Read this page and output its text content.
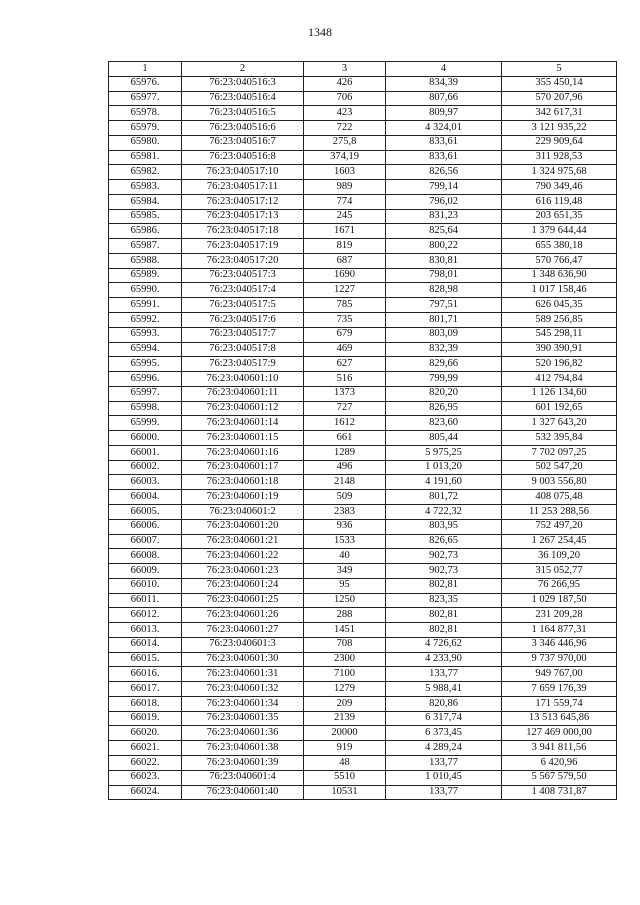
1348
1	2	3	4	5
65976.	76:23:040516:3	426	834,39	355 450,14
65977.	76:23:040516:4	706	807,66	570 207,96
65978.	76:23:040516:5	423	809,97	342 617,31
65979.	76:23:040516:6	722	4 324,01	3 121 935,22
65980.	76:23:040516:7	275,8	833,61	229 909,64
65981.	76:23:040516:8	374,19	833,61	311 928,53
65982.	76:23:040517:10	1603	826,56	1 324 975,68
65983.	76:23:040517:11	989	799,14	790 349,46
65984.	76:23:040517:12	774	796,02	616 119,48
65985.	76:23:040517:13	245	831,23	203 651,35
65986.	76:23:040517:18	1671	825,64	1 379 644,44
65987.	76:23:040517:19	819	800,22	655 380,18
65988.	76:23:040517:20	687	830,81	570 766,47
65989.	76:23:040517:3	1690	798,01	1 348 636,90
65990.	76:23:040517:4	1227	828,98	1 017 158,46
65991.	76:23:040517:5	785	797,51	626 045,35
65992.	76:23:040517:6	735	801,71	589 256,85
65993.	76:23:040517:7	679	803,09	545 298,11
65994.	76:23:040517:8	469	832,39	390 390,91
65995.	76:23:040517:9	627	829,66	520 196,82
65996.	76:23:040601:10	516	799,99	412 794,84
65997.	76:23:040601:11	1373	820,20	1 126 134,60
65998.	76:23:040601:12	727	826,95	601 192,65
65999.	76:23:040601:14	1612	823,60	1 327 643,20
66000.	76:23:040601:15	661	805,44	532 395,84
66001.	76:23:040601:16	1289	5 975,25	7 702 097,25
66002.	76:23:040601:17	496	1 013,20	502 547,20
66003.	76:23:040601:18	2148	4 191,60	9 003 556,80
66004.	76:23:040601:19	509	801,72	408 075,48
66005.	76:23:040601:2	2383	4 722,32	11 253 288,56
66006.	76:23:040601:20	936	803,95	752 497,20
66007.	76:23:040601:21	1533	826,65	1 267 254,45
66008.	76:23:040601:22	40	902,73	36 109,20
66009.	76:23:040601:23	349	902,73	315 052,77
66010.	76:23:040601:24	95	802,81	76 266,95
66011.	76:23:040601:25	1250	823,35	1 029 187,50
66012.	76:23:040601:26	288	802,81	231 209,28
66013.	76:23:040601:27	1451	802,81	1 164 877,31
66014.	76:23:040601:3	708	4 726,62	3 346 446,96
66015.	76:23:040601:30	2300	4 233,90	9 737 970,00
66016.	76:23:040601:31	7100	133,77	949 767,00
66017.	76:23:040601:32	1279	5 988,41	7 659 176,39
66018.	76:23:040601:34	209	820,86	171 559,74
66019.	76:23:040601:35	2139	6 317,74	13 513 645,86
66020.	76:23:040601:36	20000	6 373,45	127 469 000,00
66021.	76:23:040601:38	919	4 289,24	3 941 811,56
66022.	76:23:040601:39	48	133,77	6 420,96
66023.	76:23:040601:4	5510	1 010,45	5 567 579,50
66024.	76:23:040601:40	10531	133,77	1 408 731,87
